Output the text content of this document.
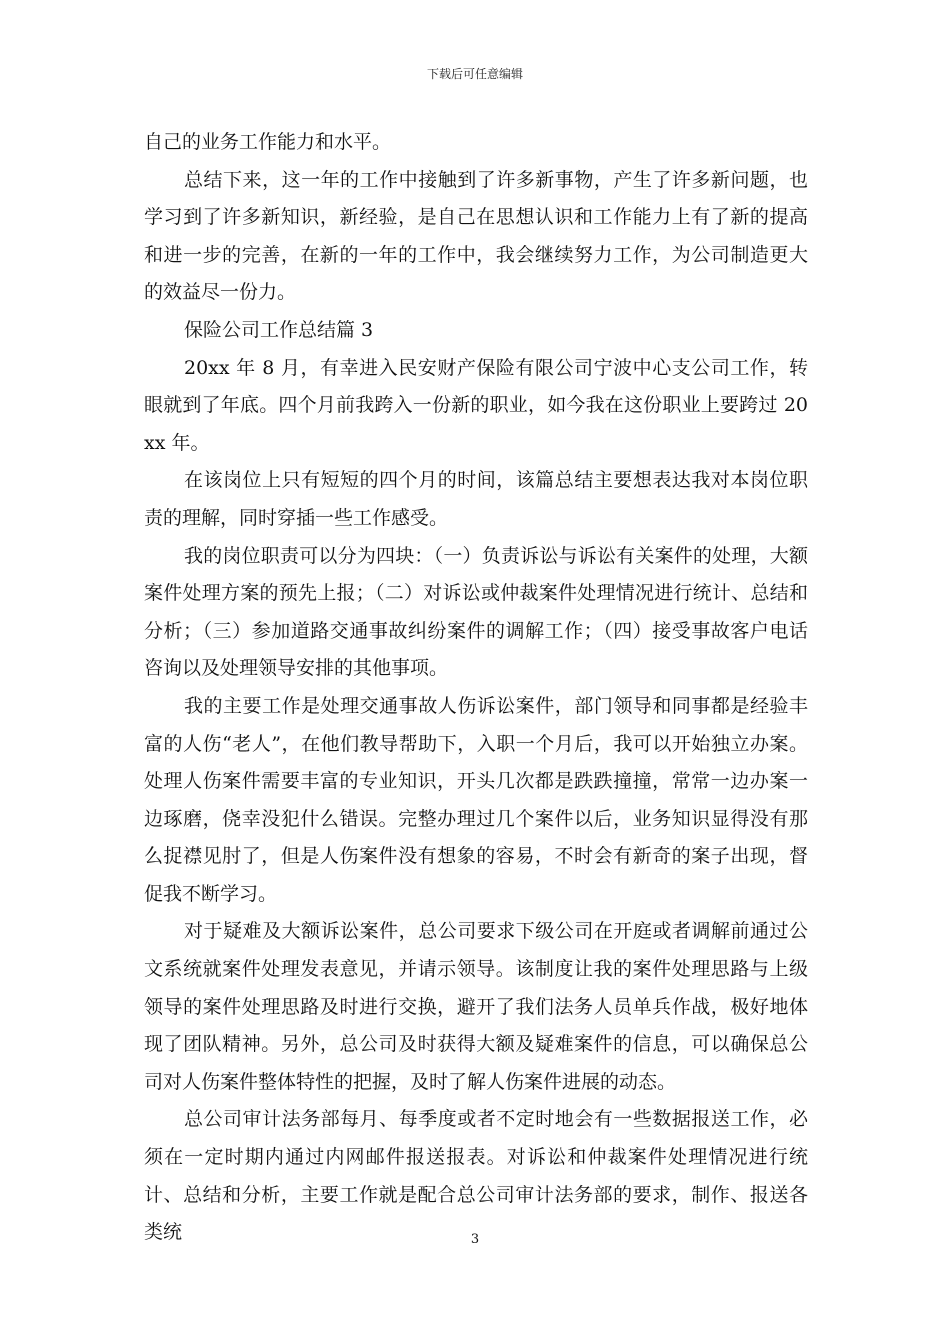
下载后可任意编辑

自己的业务工作能力和水平。

总结下来，这一年的工作中接触到了许多新事物，产生了许多新问题，也学习到了许多新知识，新经验，是自己在思想认识和工作能力上有了新的提高和进一步的完善，在新的一年的工作中，我会继续努力工作，为公司制造更大的效益尽一份力。

保险公司工作总结篇 3

20xx 年 8 月，有幸进入民安财产保险有限公司宁波中心支公司工作，转眼就到了年底。四个月前我跨入一份新的职业，如今我在这份职业上要跨过 20xx 年。

在该岗位上只有短短的四个月的时间，该篇总结主要想表达我对本岗位职责的理解，同时穿插一些工作感受。

我的岗位职责可以分为四块：（一）负责诉讼与诉讼有关案件的处理，大额案件处理方案的预先上报；（二）对诉讼或仲裁案件处理情况进行统计、总结和分析；（三）参加道路交通事故纠纷案件的调解工作；（四）接受事故客户电话咨询以及处理领导安排的其他事项。

我的主要工作是处理交通事故人伤诉讼案件，部门领导和同事都是经验丰富的人伤“老人”，在他们教导帮助下，入职一个月后，我可以开始独立办案。处理人伤案件需要丰富的专业知识，开头几次都是跌跌撞撞，常常一边办案一边琢磨，侥幸没犯什么错误。完整办理过几个案件以后，业务知识显得没有那么捉襟见肘了，但是人伤案件没有想象的容易，不时会有新奇的案子出现，督促我不断学习。

对于疑难及大额诉讼案件，总公司要求下级公司在开庭或者调解前通过公文系统就案件处理发表意见，并请示领导。该制度让我的案件处理思路与上级领导的案件处理思路及时进行交换，避开了我们法务人员单兵作战，极好地体现了团队精神。另外，总公司及时获得大额及疑难案件的信息，可以确保总公司对人伤案件整体特性的把握，及时了解人伤案件进展的动态。

总公司审计法务部每月、每季度或者不定时地会有一些数据报送工作，必须在一定时期内通过内网邮件报送报表。对诉讼和仲裁案件处理情况进行统计、总结和分析，主要工作就是配合总公司审计法务部的要求，制作、报送各类统	3
